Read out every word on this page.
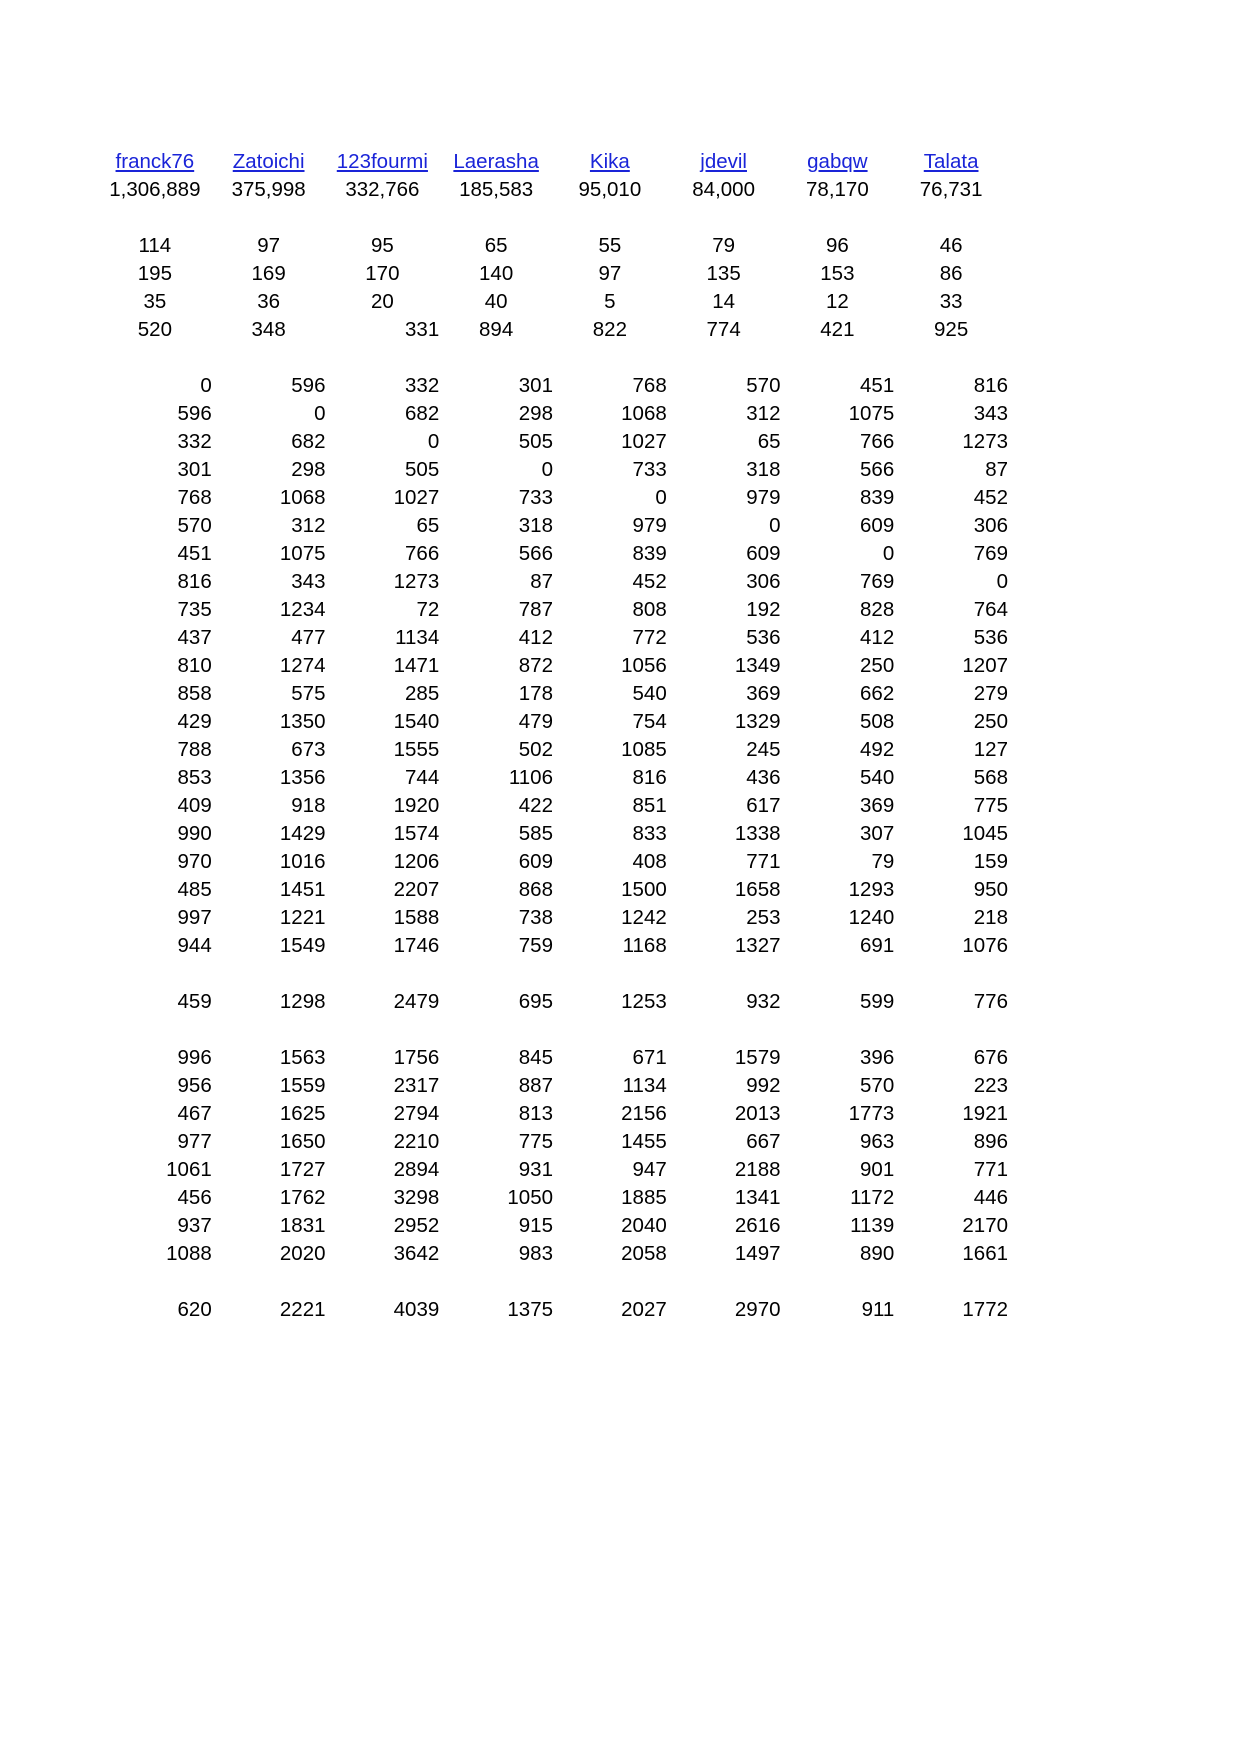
franck76	Zatoichi	123fourmi	Laerasha	Kika	jdevil	gabqw	Talata
1,306,889	375,998	332,766	185,583	95,010	84,000	78,170	76,731

114	97	95	65	55	79	96	46
195	169	170	140	97	135	153	86
35	36	20	40	5	14	12	33
520	348	331	894	822	774	421	925

0	596	332	301	768	570	451	816
596	0	682	298	1068	312	1075	343
332	682	0	505	1027	65	766	1273
301	298	505	0	733	318	566	87
768	1068	1027	733	0	979	839	452
570	312	65	318	979	0	609	306
451	1075	766	566	839	609	0	769
816	343	1273	87	452	306	769	0
735	1234	72	787	808	192	828	764
437	477	1134	412	772	536	412	536
810	1274	1471	872	1056	1349	250	1207
858	575	285	178	540	369	662	279
429	1350	1540	479	754	1329	508	250
788	673	1555	502	1085	245	492	127
853	1356	744	1106	816	436	540	568
409	918	1920	422	851	617	369	775
990	1429	1574	585	833	1338	307	1045
970	1016	1206	609	408	771	79	159
485	1451	2207	868	1500	1658	1293	950
997	1221	1588	738	1242	253	1240	218
944	1549	1746	759	1168	1327	691	1076

459	1298	2479	695	1253	932	599	776

996	1563	1756	845	671	1579	396	676
956	1559	2317	887	1134	992	570	223
467	1625	2794	813	2156	2013	1773	1921
977	1650	2210	775	1455	667	963	896
1061	1727	2894	931	947	2188	901	771
456	1762	3298	1050	1885	1341	1172	446
937	1831	2952	915	2040	2616	1139	2170
1088	2020	3642	983	2058	1497	890	1661

620	2221	4039	1375	2027	2970	911	1772
